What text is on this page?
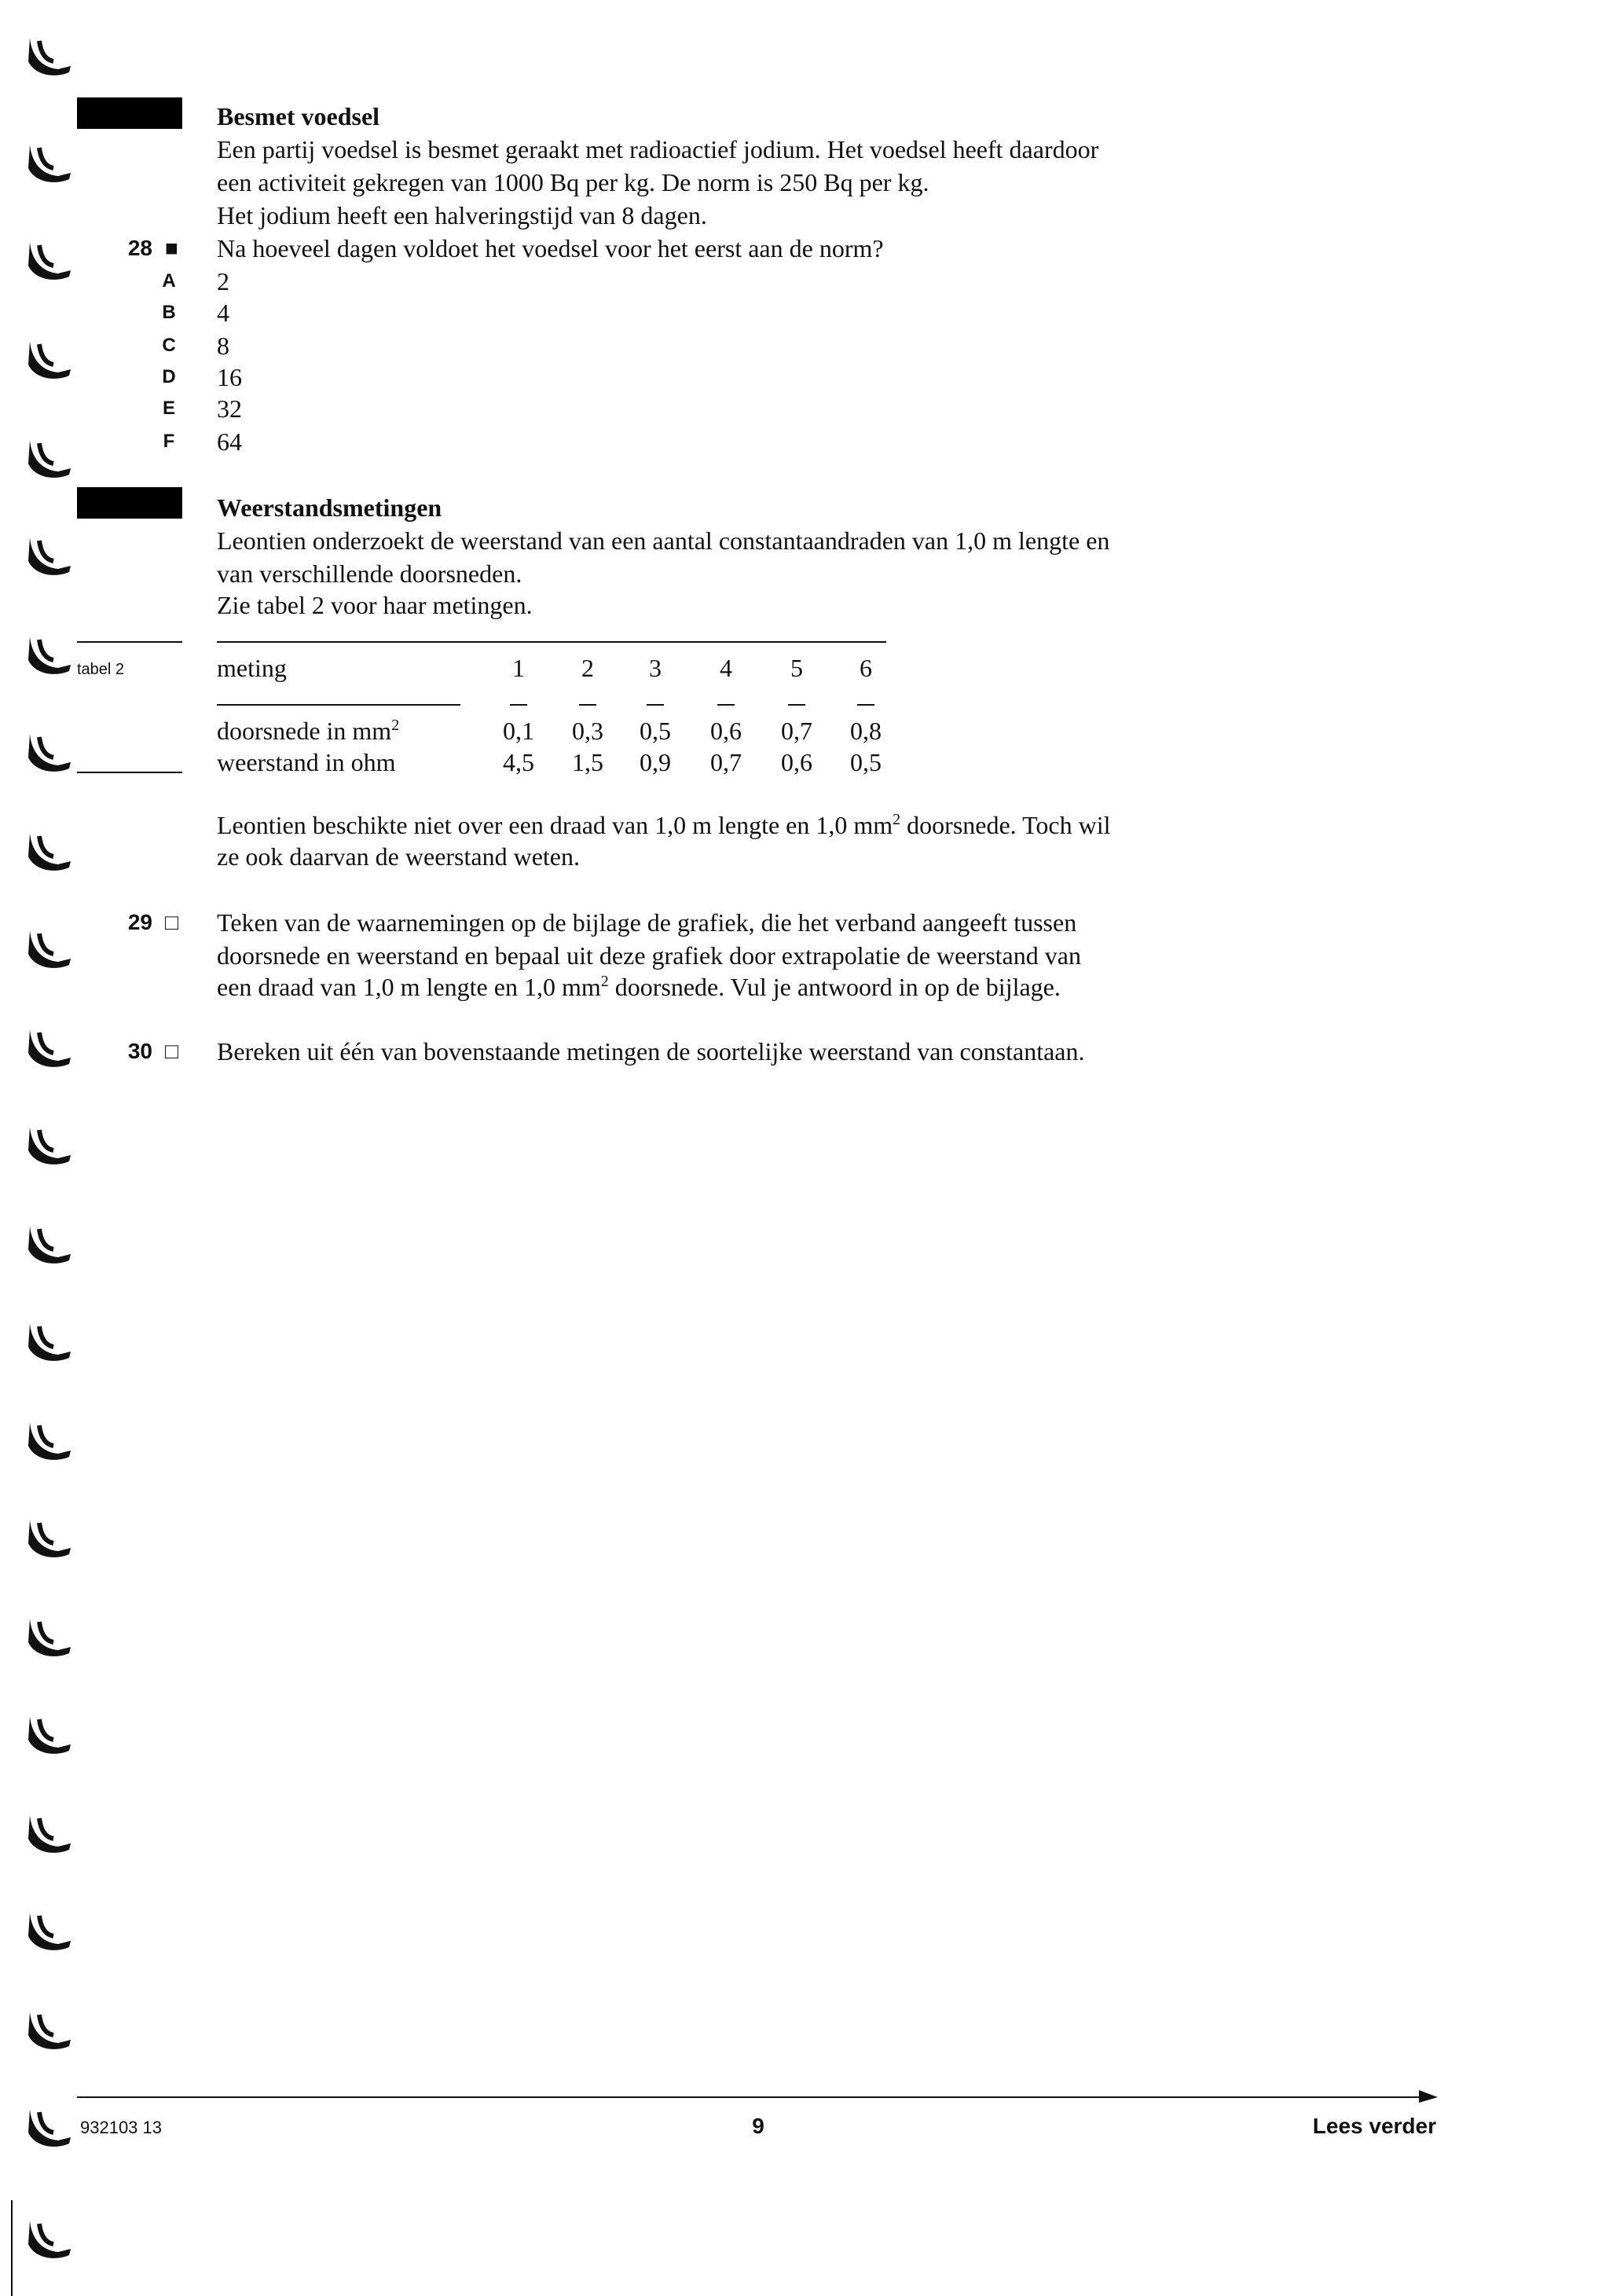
Besmet voedsel
Een partij voedsel is besmet geraakt met radioactief jodium. Het voedsel heeft daardoor
een activiteit gekregen van 1000 Bq per kg. De norm is 250 Bq per kg.
Het jodium heeft een halveringstijd van 8 dagen.
28 ■ Na hoeveel dagen voldoet het voedsel voor het eerst aan de norm?
A 2
B 4
C 8
D 16
E 32
F 64
Weerstandsmetingen
Leontien onderzoekt de weerstand van een aantal constantaandraden van 1,0 m lengte en
van verschillende doorsneden.
Zie tabel 2 voor haar metingen.
tabel 2	meting	1	2	3	4	5	6
doorsnede in $mm^2$	0,1 0,3 0,5 0,6 0,7 0,8
weerstand in ohm	4,5 1,5 0,9 0,7 0,6 0,5
Leontien beschikte niet over een draad van 1,0 m lengte en 1,0 $mm^2$ doorsnede. Toch wil
ze ook daarvan de weerstand weten.
29 □ Teken van de waarnemingen op de bijlage de grafiek, die het verband aangeeft tussen
doorsnede en weerstand en bepaal uit deze grafiek door extrapolatie de weerstand van
een draad van 1,0 m lengte en 1,0 $mm^2$ doorsnede. Vul je antwoord in op de bijlage.
30 □ Bereken uit één van bovenstaande metingen de soortelijke weerstand van constantaan.
932103 13	9	Lees verder
